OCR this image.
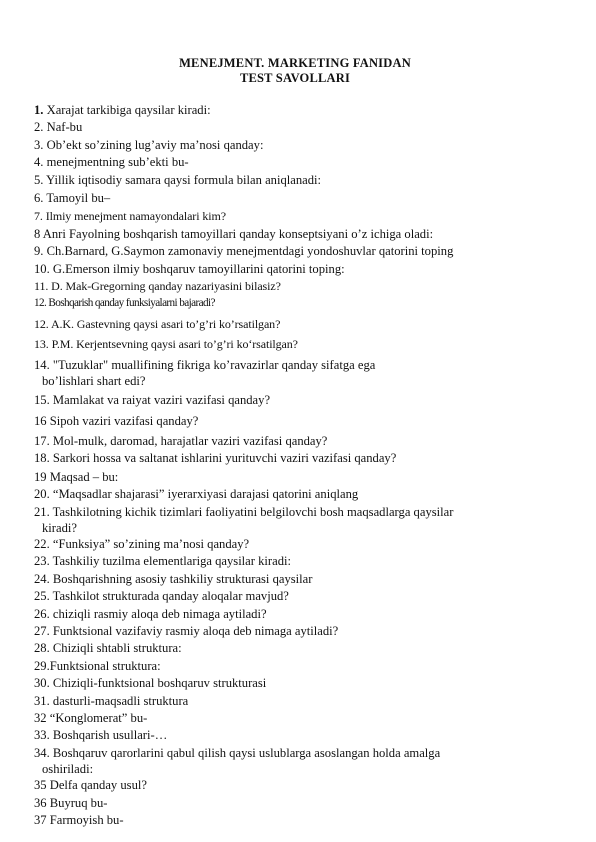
MENEJMENT. MARKETING FANIDAN
TEST SAVOLLARI
1. Xarajat tarkibiga qaysilar kiradi:
2. Naf-bu
3. Ob’ekt so’zining lug’aviy ma’nosi qanday:
4. menejmentning sub’ekti bu-
5. Yillik iqtisodiy samara qaysi formula bilan aniqlanadi:
6. Tamoyil bu–
7. Ilmiy menejment namayondalari kim?
8 Anri Fayolning boshqarish tamoyillari qanday konseptsiyani o’z ichiga oladi:
9. Ch.Barnard, G.Saymon zamonaviy menejmentdagi yondoshuvlar qatorini toping
10. G.Emerson ilmiy boshqaruv tamoyillarini qatorini toping:
11. D. Mak-Gregorning qanday nazariyasini bilasiz?
12. Boshqarish qanday funksiyalarni bajaradi?
12. A.K. Gastevning qaysi asari to’g’ri ko’rsatilgan?
13. P.M. Kerjentsevning qaysi asari to’g’ri koʻrsatilgan?
14. "Tuzuklar" muallifining fikriga ko’ravazirlar qanday sifatga ega
bo’lishlari shart edi?
15. Mamlakat va raiyat vaziri vazifasi qanday?
16 Sipoh vaziri vazifasi qanday?
17. Mol-mulk, daromad, harajatlar vaziri vazifasi qanday?
18. Sarkori hossa va saltanat ishlarini yurituvchi vaziri vazifasi qanday?
19 Maqsad – bu:
20. “Maqsadlar shajarasi” iyerarxiyasi darajasi qatorini aniqlang
21. Tashkilotning kichik tizimlari faoliyatini belgilovchi bosh maqsadlarga qaysilar
kiradi?
22. “Funksiya” so’zining ma’nosi qanday?
23. Tashkiliy tuzilma elementlariga qaysilar kiradi:
24. Boshqarishning asosiy tashkiliy strukturasi qaysilar
25. Tashkilot strukturada qanday aloqalar mavjud?
26. chiziqli rasmiy aloqa deb nimaga aytiladi?
27. Funktsional vazifaviy rasmiy aloqa deb nimaga aytiladi?
28. Chiziqli shtabli struktura:
29.Funktsional struktura:
30. Chiziqli-funktsional boshqaruv strukturasi
31. dasturli-maqsadli struktura
32 “Konglomerat” bu-
33. Boshqarish usullari-…
34. Boshqaruv qarorlarini qabul qilish qaysi uslublarga asoslangan holda amalga
oshiriladi:
35 Delfa qanday usul?
36 Buyruq bu-
37 Farmoyish bu-
